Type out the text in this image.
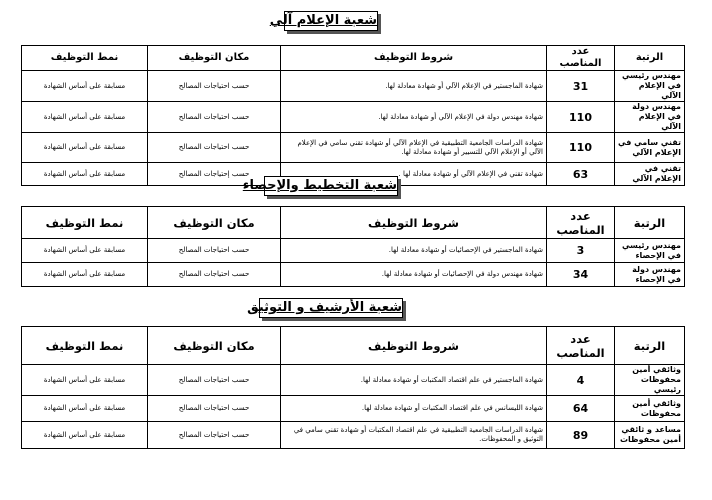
شعبة الإعلام آلي
الرتبة	عدد المناصب	شروط التوظيف	مكان التوظيف	نمط التوظيف
مهندس رئيسي في الإعلام الآلي	31	شهادة الماجستير في الإعلام الآلي أو شهادة معادلة لها.	حسب احتياجات المصالح	مسابقة على أساس الشهادة
مهندس دولة في الإعلام الآلي	110	شهادة مهندس دولة في الإعلام الآلي أو شهادة معادلة لها.	حسب احتياجات المصالح	مسابقة على أساس الشهادة
تقني سامي في الإعلام الآلي	110	شهادة الدراسات الجامعية التطبيقية في الإعلام الآلي أو شهادة تقني سامي في الإعلام الآلي أو الإعلام الآلي للتسيير أو شهادة معادلة لها.	حسب احتياجات المصالح	مسابقة على أساس الشهادة
تقني في الإعلام الآلي	63	شهادة تقني في الإعلام الآلي أو شهادة معادلة لها .	حسب إحتياجات المصالح	مسابقة على أساس الشهادة
شعبة التخطيط والإحصاء
الرتبة	عدد المناصب	شروط التوظيف	مكان التوظيف	نمط التوظيف
مهندس رئيسي في الإحصاء	3	شهادة الماجستير في الإحصائيات أو شهادة معادلة لها.	حسب احتياجات المصالح	مسابقة على أساس الشهادة
مهندس دولة في الإحصاء	34	شهادة مهندس دولة في الإحصائيات أو شهادة معادلة لها.	حسب احتياجات المصالح	مسابقة على أساس الشهادة
شعبة الأرشيف و التوثيق
الرتبة	عدد المناصب	شروط التوظيف	مكان التوظيف	نمط التوظيف
وثائقي أمين محفوظات رئيسي	4	شهادة الماجستير في علم اقتصاد المكتبات أو شهادة معادلة لها.	حسب احتياجات المصالح	مسابقة على أساس الشهادة
وثائقي أمين محفوظات	64	شهادة الليسانس في علم اقتصاد المكتبات أو شهادة معادلة لها.	حسب احتياجات المصالح	مسابقة على أساس الشهادة
مساعد و ثائقي أمين محفوظات	89	شهادة الدراسات الجامعية التطبيقية في علم اقتصاد المكتبات أو شهادة تقني سامي في التوثيق و المحفوظات.	حسب احتياجات المصالح	مسابقة على أساس الشهادة
